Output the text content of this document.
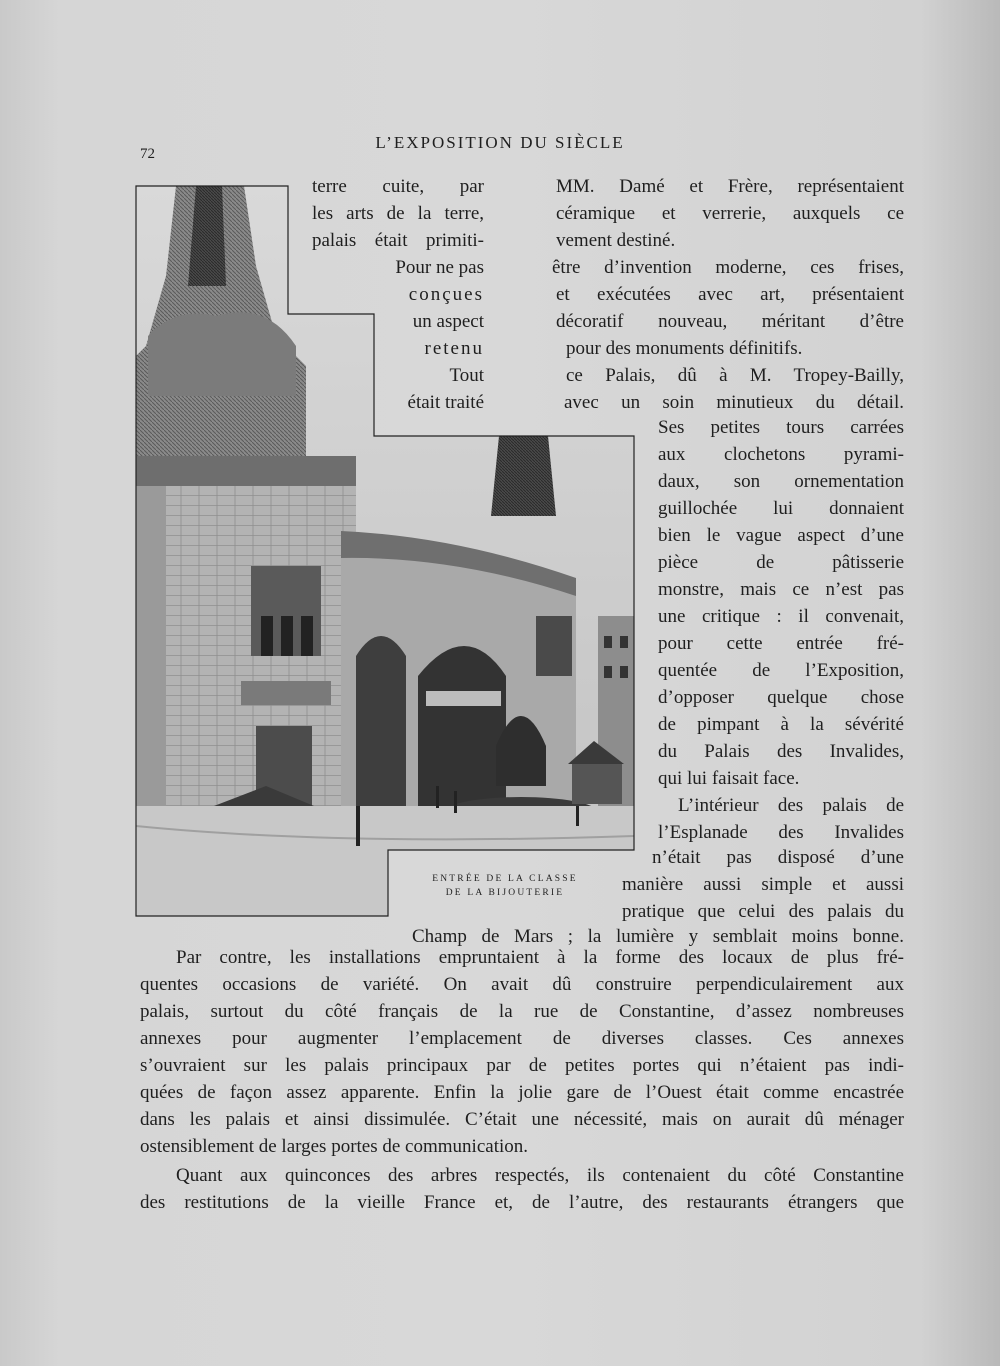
72
L’EXPOSITION DU SIÈCLE
ENTRÉE DE LA CLASSE
DE LA BIJOUTERIE
terre cuite, par
les arts de la terre,
palais était primiti-
Pour ne pas
conçues
un aspect
retenu
Tout
était traité
MM. Damé et Frère, représentaient
céramique et verrerie, auxquels ce
vement destiné.
être d’invention moderne, ces frises,
et exécutées avec art, présentaient
décoratif nouveau, méritant d’être
pour des monuments définitifs.
ce Palais, dû à M. Tropey-Bailly,
avec un soin minutieux du détail.
Ses petites tours carrées
aux clochetons pyrami-
daux, son ornementation
guillochée lui donnaient
bien le vague aspect d’une
pièce de pâtisserie
monstre, mais ce n’est pas
une critique : il convenait,
pour cette entrée fré-
quentée de l’Exposition,
d’opposer quelque chose
de pimpant à la sévérité
du Palais des Invalides,
qui lui faisait face.
L’intérieur des palais de
l’Esplanade des Invalides
n’était pas disposé d’une
manière aussi simple et aussi
pratique que celui des palais du
Champ de Mars ; la lumière y semblait moins bonne.
Par contre, les installations empruntaient à la forme des locaux de plus fré-
quentes occasions de variété. On avait dû construire perpendiculairement aux
palais, surtout du côté français de la rue de Constantine, d’assez nombreuses
annexes pour augmenter l’emplacement de diverses classes. Ces annexes
s’ouvraient sur les palais principaux par de petites portes qui n’étaient pas indi-
quées de façon assez apparente. Enfin la jolie gare de l’Ouest était comme encastrée
dans les palais et ainsi dissimulée. C’était une nécessité, mais on aurait dû ménager
ostensiblement de larges portes de communication.
Quant aux quinconces des arbres respectés, ils contenaient du côté Constantine
des restitutions de la vieille France et, de l’autre, des restaurants étrangers que
